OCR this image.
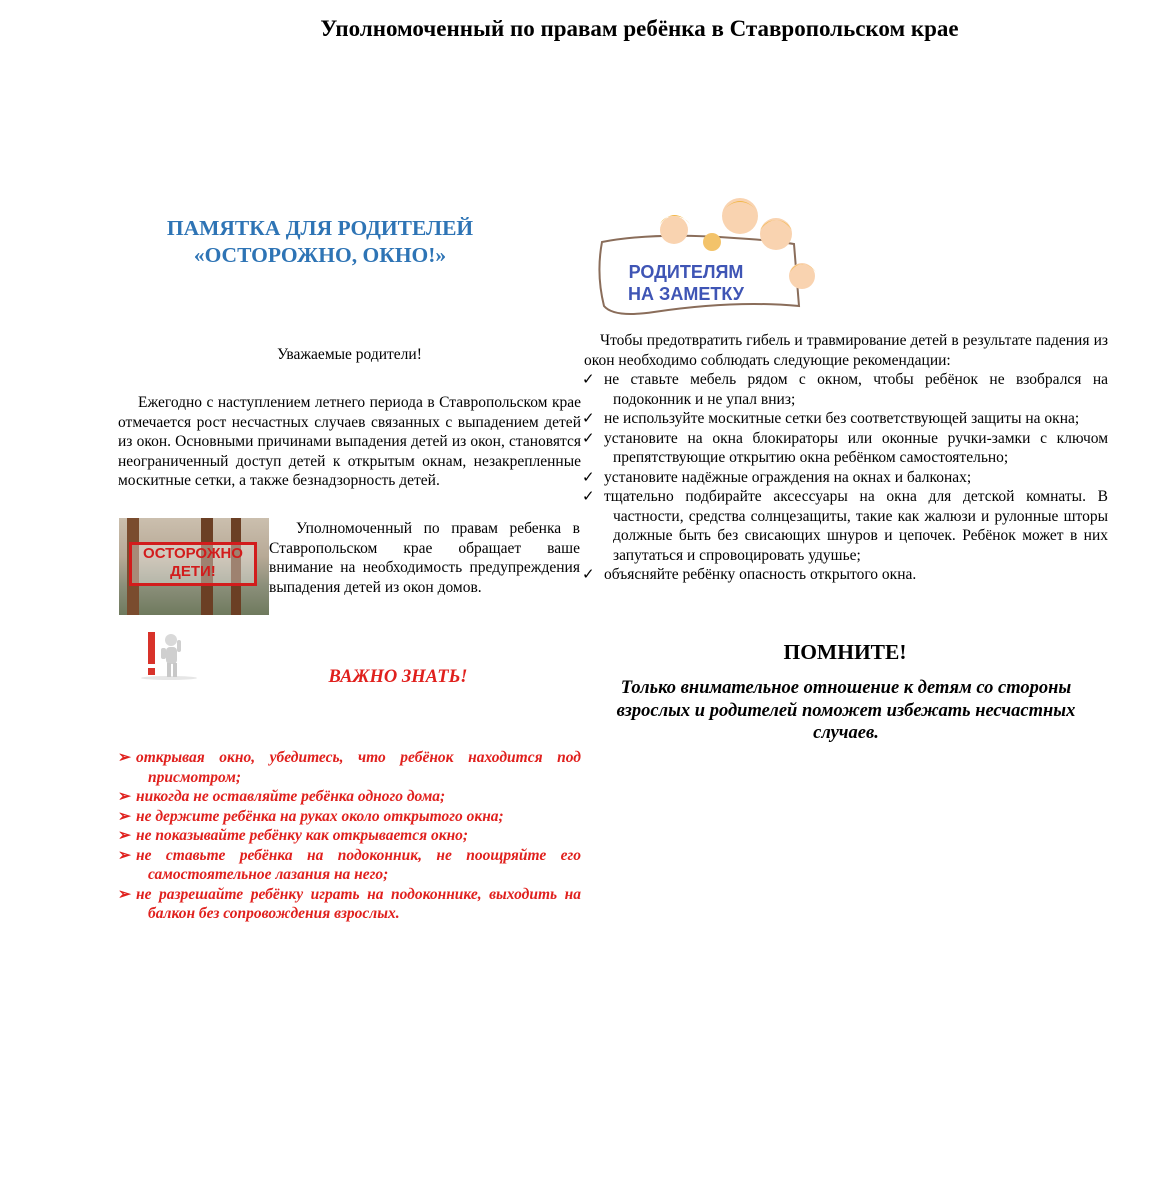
Уполномоченный по правам ребёнка в Ставропольском крае
ПАМЯТКА ДЛЯ РОДИТЕЛЕЙ
«ОСТОРОЖНО, ОКНО!»
Уважаемые родители!

Ежегодно с наступлением летнего периода в Ставропольском крае отмечается рост несчастных случаев связанных с выпадением детей из окон. Основными причинами выпадения детей из окон, становятся неограниченный доступ детей к открытым окнам, незакрепленные москитные сетки, а также безнадзорность детей.

ОСТОРОЖНО
ДЕТИ!

Уполномоченный по правам ребенка в Ставропольском крае обращает ваше внимание на необходимость предупреждения выпадения детей из окон домов.

ВАЖНО ЗНАТЬ!
➢ открывая окно, убедитесь, что ребёнок находится под присмотром;
➢ никогда не оставляйте ребёнка одного дома;
➢ не держите ребёнка на руках около открытого окна;
➢ не показывайте ребёнку как открывается окно;
➢ не ставьте ребёнка на подоконник, не поощряйте его самостоятельное лазания на него;
➢ не разрешайте ребёнку играть на подоконнике, выходить на балкон без сопровождения взрослых.
РОДИТЕЛЯМ
НА ЗАМЕТКУ

Чтобы предотвратить гибель и травмирование детей в результате падения из окон необходимо соблюдать следующие рекомендации:

✓ не ставьте мебель рядом с окном, чтобы ребёнок не взобрался на подоконник и не упал вниз;
✓ не используйте москитные сетки без соответствующей защиты на окна;
✓ установите на окна блокираторы или оконные ручки-замки с ключом препятствующие открытию окна ребёнком самостоятельно;
✓ установите надёжные ограждения на окнах и балконах;
✓ тщательно подбирайте аксессуары на окна для детской комнаты. В частности, средства солнцезащиты, такие как жалюзи и рулонные шторы должные быть без свисающих шнуров и цепочек. Ребёнок может в них запутаться и спровоцировать удушье;
✓ объясняйте ребёнку опасность открытого окна.
ПОМНИТЕ!
Только внимательное отношение к детям со стороны взрослых и родителей поможет избежать несчастных случаев.
